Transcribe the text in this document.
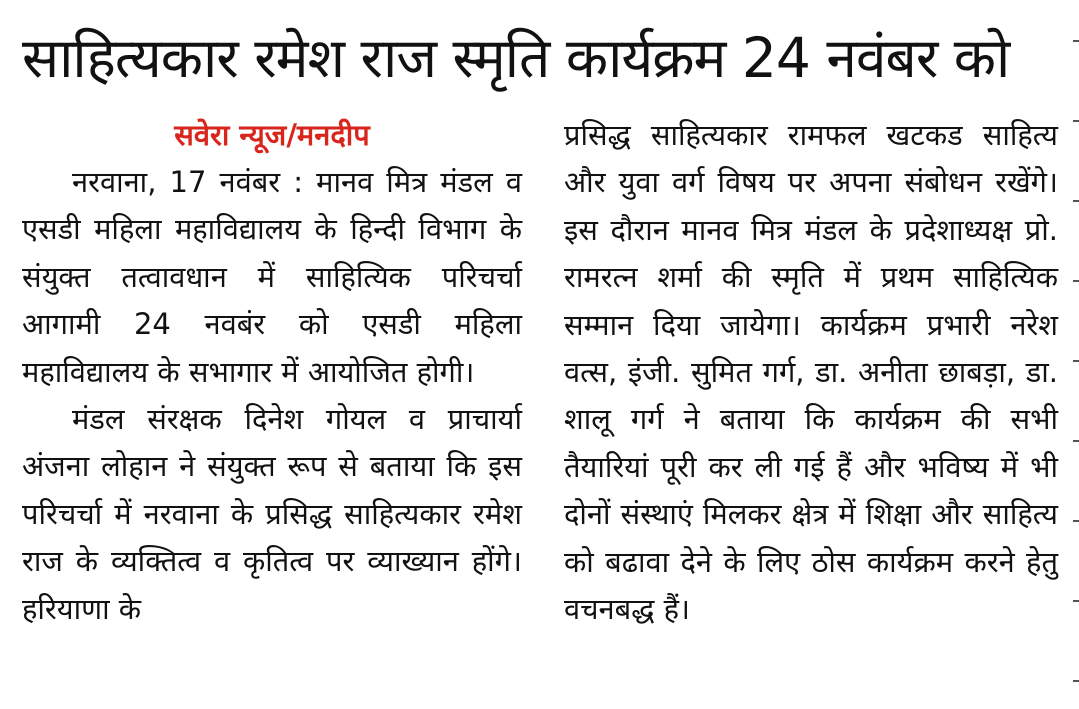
साहित्यकार रमेश राज स्मृति कार्यक्रम 24 नवंबर को
सवेरा न्यूज/मनदीप

नरवाना, 17 नवंबर : मानव मित्र मंडल व एसडी महिला महाविद्यालय के हिन्दी विभाग के संयुक्त तत्वावधान में साहित्यिक परिचर्चा आगामी 24 नवबंर को एसडी महिला महाविद्यालय के सभागार में आयोजित होगी।

मंडल संरक्षक दिनेश गोयल व प्राचार्या अंजना लोहान ने संयुक्त रूप से बताया कि इस परिचर्चा में नरवाना के प्रसिद्ध साहित्यकार रमेश राज के व्यक्तित्व व कृतित्व पर व्याख्यान होंगे। हरियाणा के

प्रसिद्ध साहित्यकार रामफल खटकड साहित्य और युवा वर्ग विषय पर अपना संबोधन रखेंगे। इस दौरान मानव मित्र मंडल के प्रदेशाध्यक्ष प्रो. रामरत्न शर्मा की स्मृति में प्रथम साहित्यिक सम्मान दिया जायेगा। कार्यक्रम प्रभारी नरेश वत्स, इंजी. सुमित गर्ग, डा. अनीता छाबड़ा, डा. शालू गर्ग ने बताया कि कार्यक्रम की सभी तैयारियां पूरी कर ली गई हैं और भविष्य में भी दोनों संस्थाएं मिलकर क्षेत्र में शिक्षा और साहित्य को बढावा देने के लिए ठोस कार्यक्रम करने हेतु वचनबद्ध हैं।
